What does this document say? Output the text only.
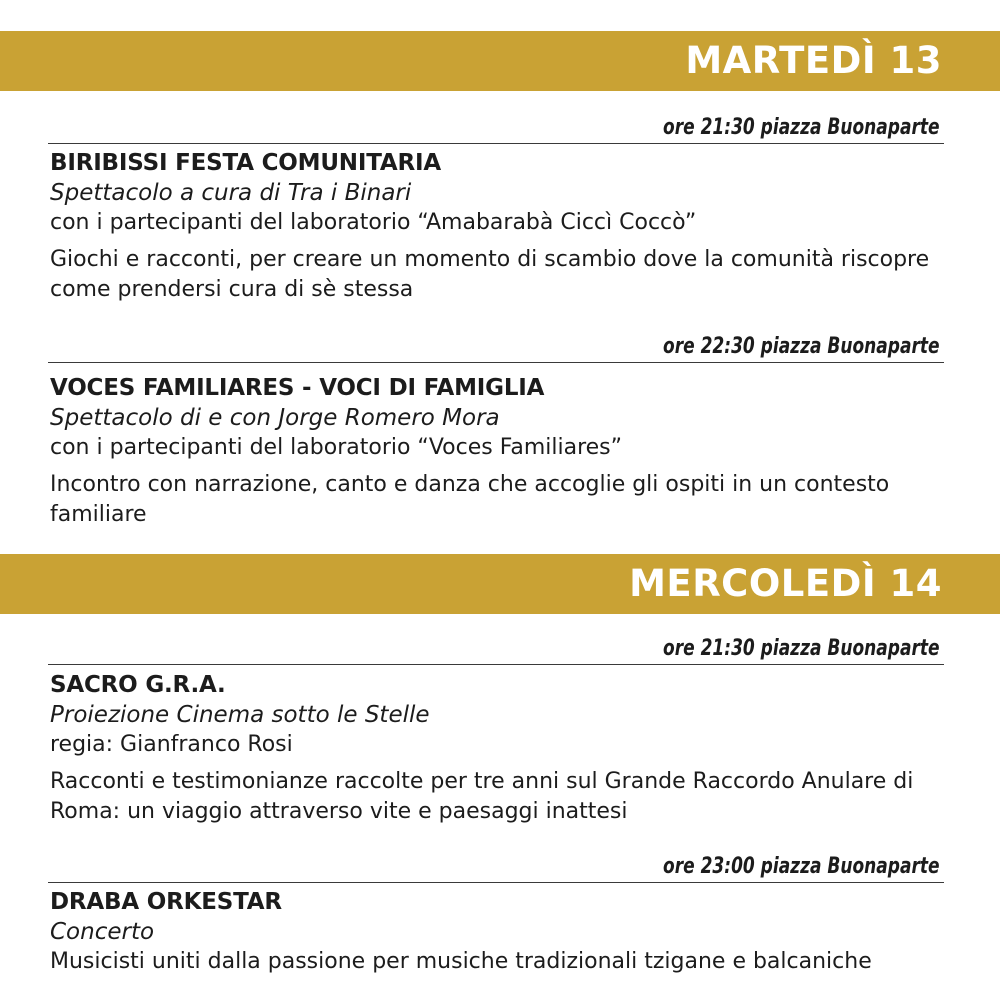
MARTEDÌ 13
ore 21:30 piazza Buonaparte
BIRIBISSI FESTA COMUNITARIA
Spettacolo a cura di Tra i Binari
con i partecipanti del laboratorio “Amabarabà Ciccì Coccò”
Giochi e racconti, per creare un momento di scambio dove la comunità riscopre come prendersi cura di sè stessa
ore 22:30 piazza Buonaparte
VOCES FAMILIARES - VOCI DI FAMIGLIA
Spettacolo di e con Jorge Romero Mora
con i partecipanti del laboratorio “Voces Familiares”
Incontro con narrazione, canto e danza che accoglie gli ospiti in un contesto familiare
MERCOLEDÌ 14
ore 21:30 piazza Buonaparte
SACRO G.R.A.
Proiezione Cinema sotto le Stelle
regia: Gianfranco Rosi
Racconti e testimonianze raccolte per tre anni sul Grande Raccordo Anulare di Roma: un viaggio attraverso vite e paesaggi inattesi
ore 23:00 piazza Buonaparte
DRABA ORKESTAR
Concerto
Musicisti uniti dalla passione per musiche tradizionali tzigane e balcaniche
